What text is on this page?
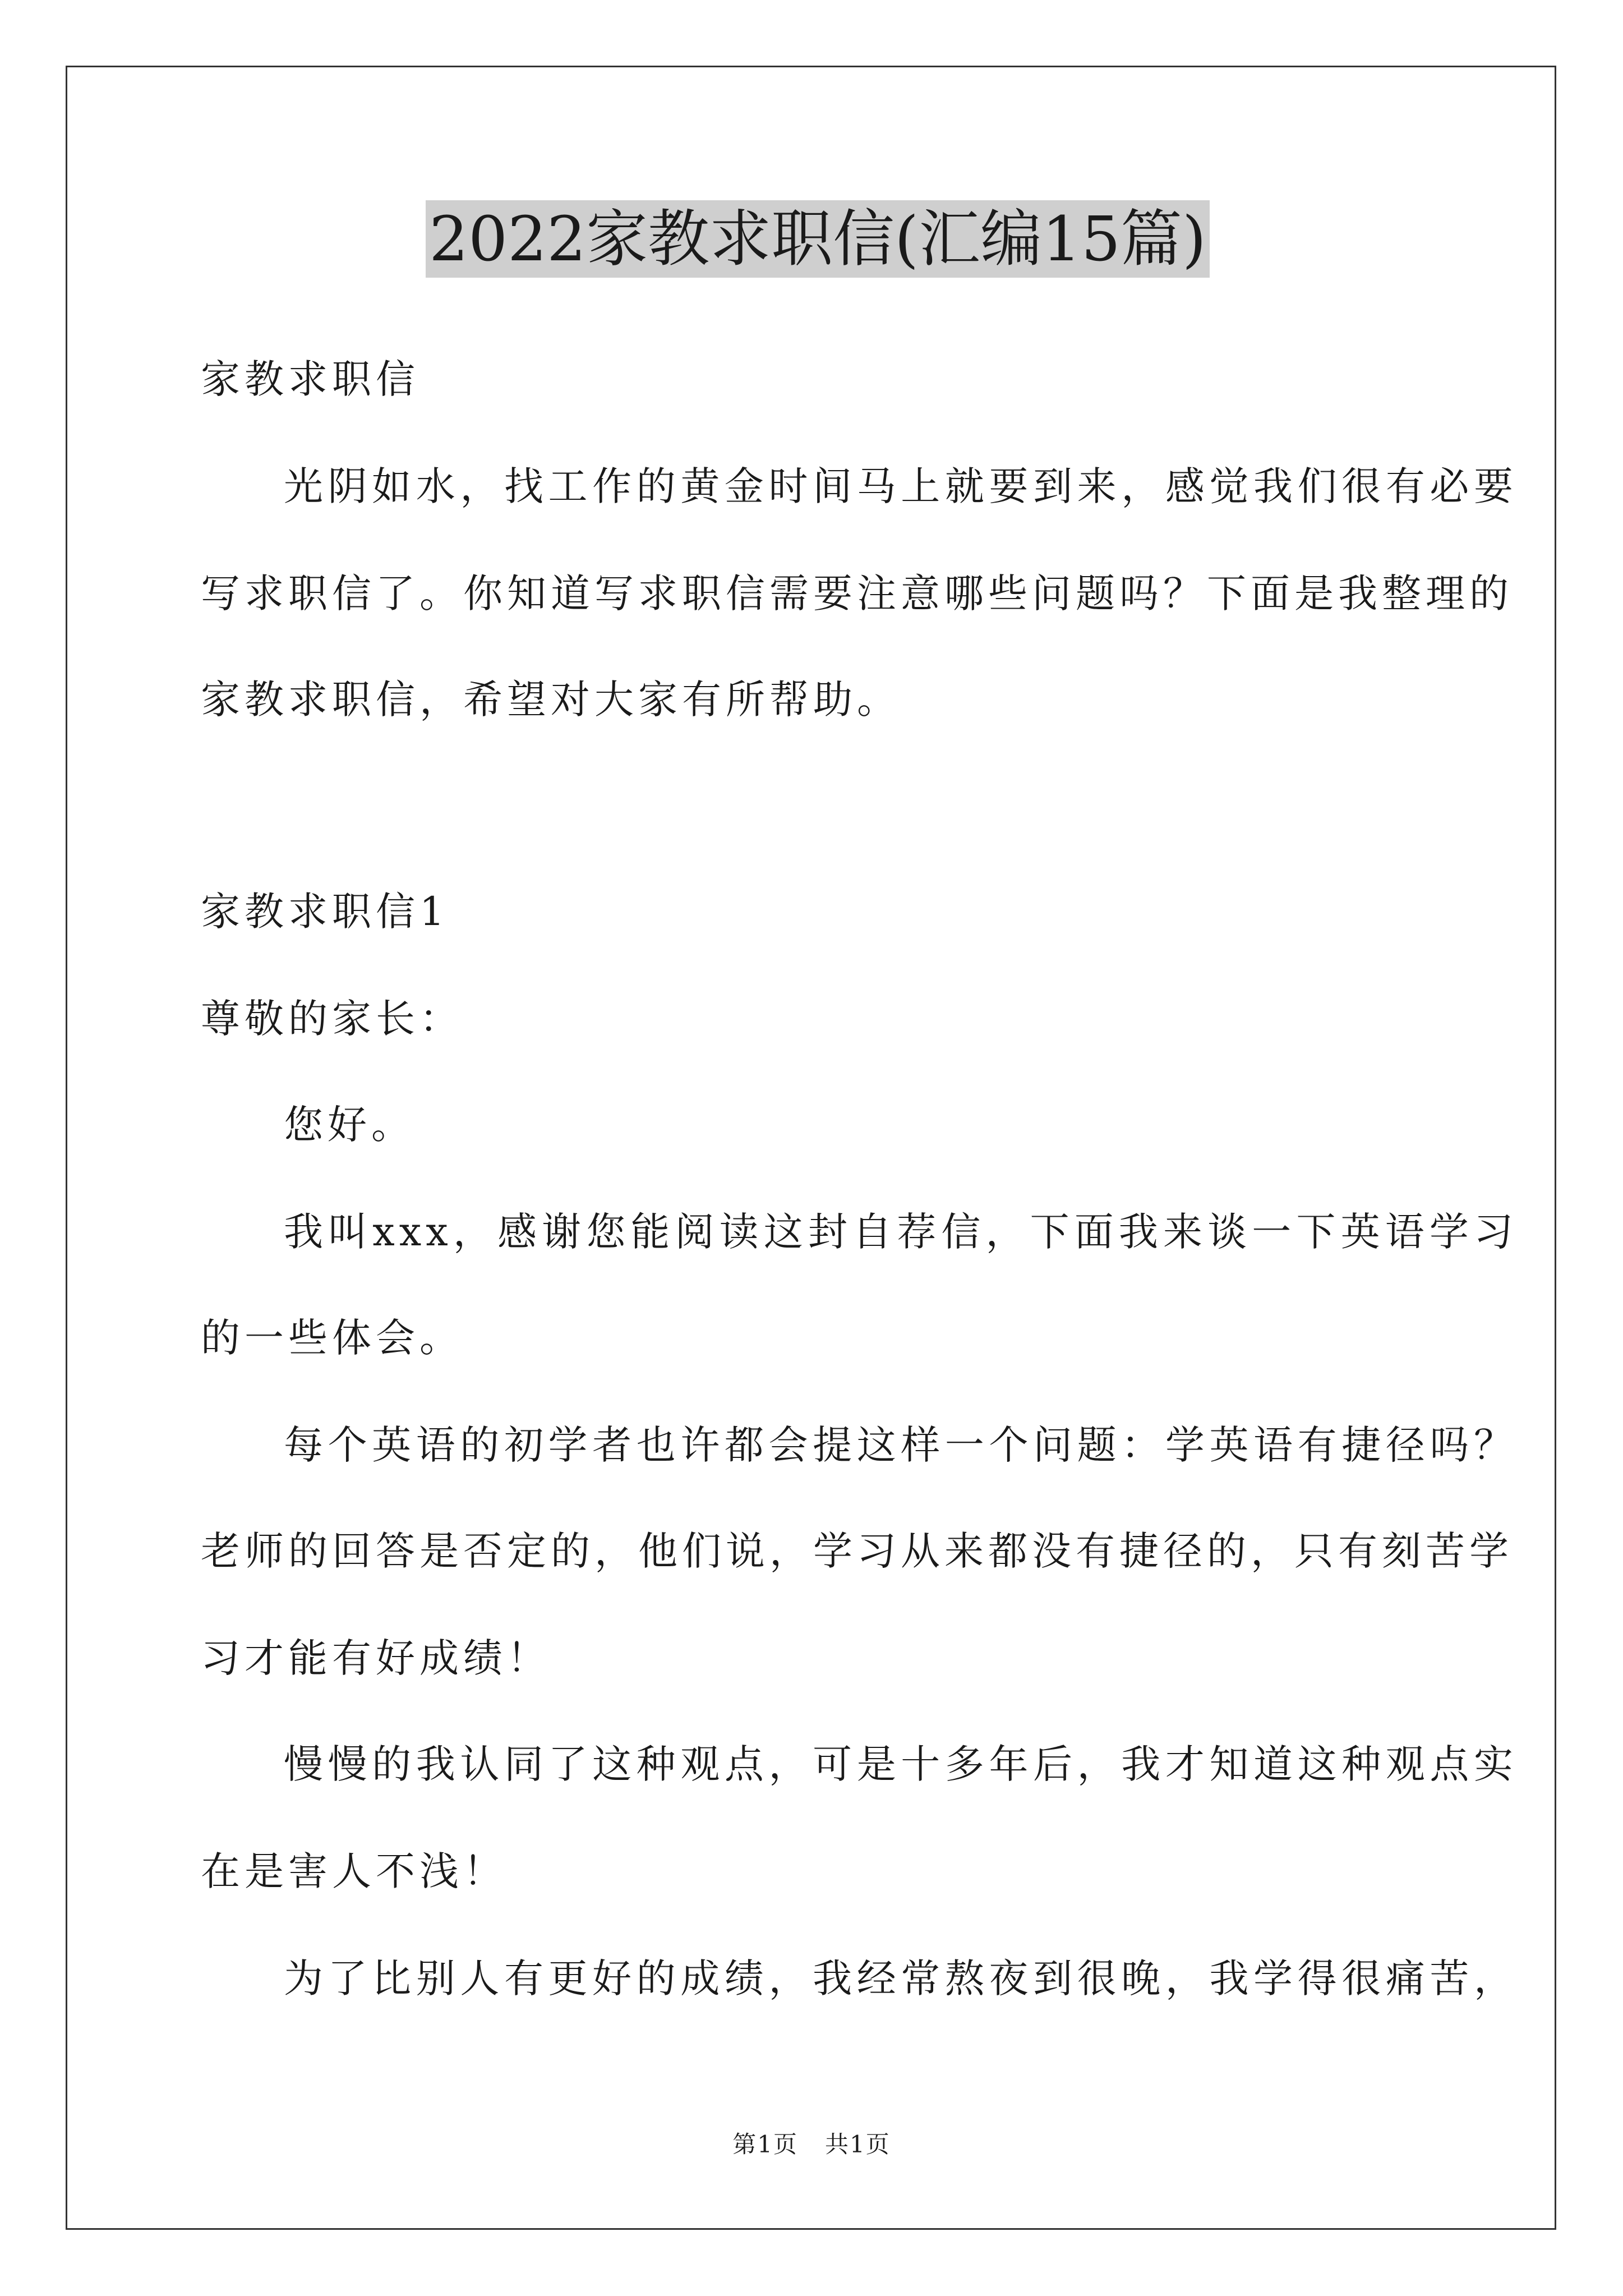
2022家教求职信(汇编15篇)
家教求职信
光阴如水，找工作的黄金时间马上就要到来，感觉我们很有必要
写求职信了。你知道写求职信需要注意哪些问题吗？下面是我整理的
家教求职信，希望对大家有所帮助。
家教求职信1
尊敬的家长：
您好。
我叫xxx，感谢您能阅读这封自荐信，下面我来谈一下英语学习
的一些体会。
每个英语的初学者也许都会提这样一个问题：学英语有捷径吗？
老师的回答是否定的，他们说，学习从来都没有捷径的，只有刻苦学
习才能有好成绩！
慢慢的我认同了这种观点，可是十多年后，我才知道这种观点实
在是害人不浅！
为了比别人有更好的成绩，我经常熬夜到很晚，我学得很痛苦，
第1页 共1页
